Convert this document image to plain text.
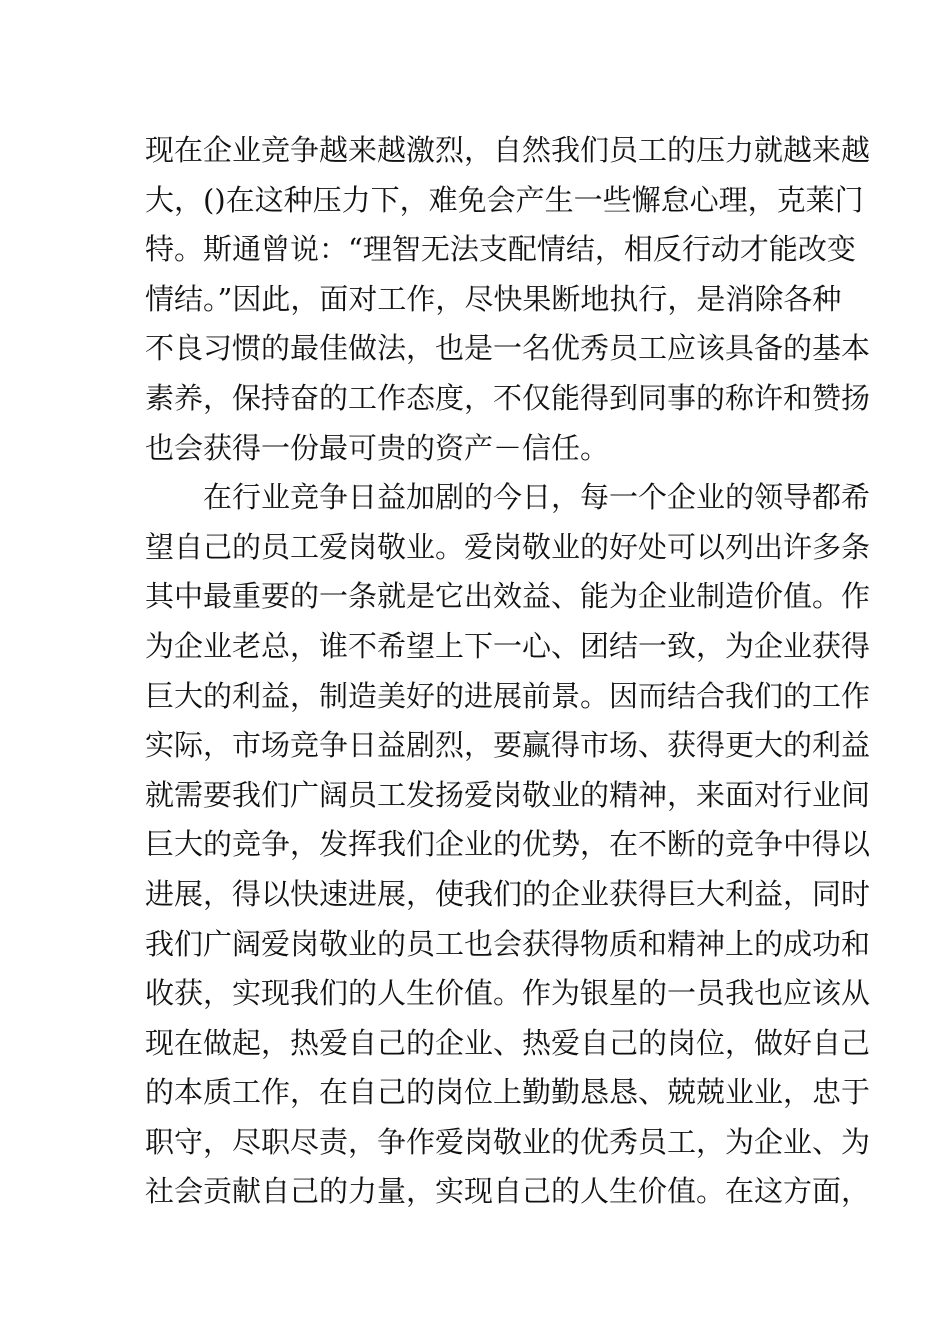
现在企业竞争越来越激烈，自然我们员工的压力就越来越
大，()在这种压力下，难免会产生一些懈怠心理，克莱门
特。斯通曾说：“理智无法支配情结，相反行动才能改变
情结。”因此，面对工作，尽快果断地执行，是消除各种
不良习惯的最佳做法，也是一名优秀员工应该具备的基本
素养，保持奋的工作态度，不仅能得到同事的称许和赞扬
也会获得一份最可贵的资产－信任。
在行业竞争日益加剧的今日，每一个企业的领导都希
望自己的员工爱岗敬业。爱岗敬业的好处可以列出许多条
其中最重要的一条就是它出效益、能为企业制造价值。作
为企业老总，谁不希望上下一心、团结一致，为企业获得
巨大的利益，制造美好的进展前景。因而结合我们的工作
实际，市场竞争日益剧烈，要赢得市场、获得更大的利益
就需要我们广阔员工发扬爱岗敬业的精神，来面对行业间
巨大的竞争，发挥我们企业的优势，在不断的竞争中得以
进展，得以快速进展，使我们的企业获得巨大利益，同时
我们广阔爱岗敬业的员工也会获得物质和精神上的成功和
收获，实现我们的人生价值。作为银星的一员我也应该从
现在做起，热爱自己的企业、热爱自己的岗位，做好自己
的本质工作，在自己的岗位上勤勤恳恳、兢兢业业，忠于
职守，尽职尽责，争作爱岗敬业的优秀员工，为企业、为
社会贡献自己的力量，实现自己的人生价值。在这方面，
